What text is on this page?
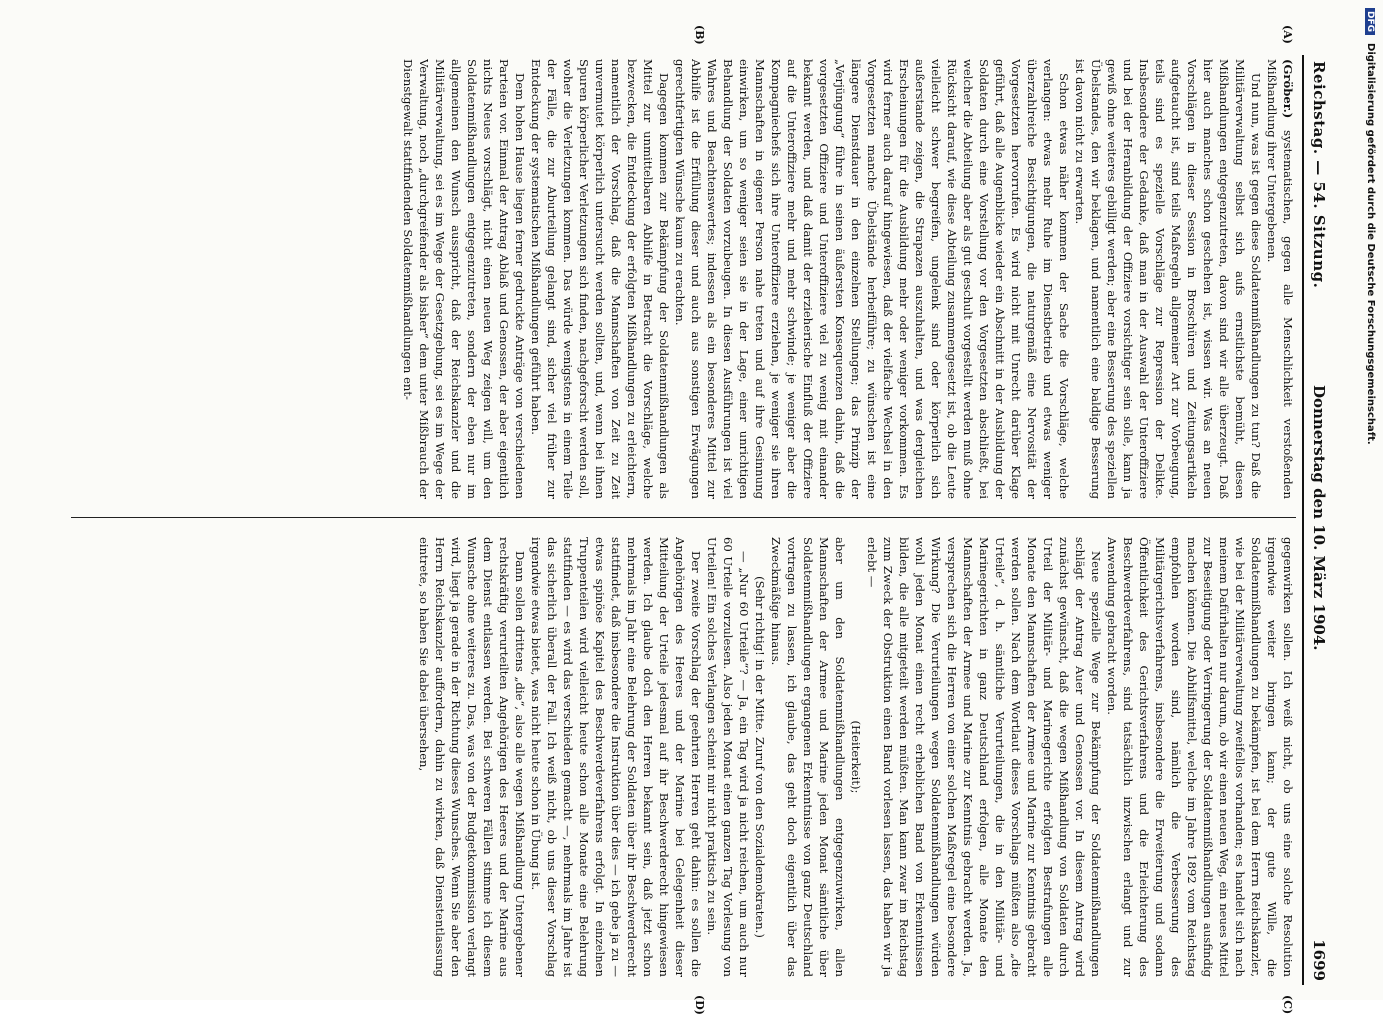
Reichstag. — 54. Sitzung.
Donnerstag den 10. März 1904.
1699
(A)
(B)
(C)
(D)

(Gröber.) systematischen, gegen alle Menschlichkeit verstoßenden Mißhandlung ihrer Untergebenen.

Und nun, was ist gegen diese Soldatenmißhandlungen zu tun? Daß die Militärverwaltung selbst sich aufs ernstlichste bemüht, diesen Mißhandlungen entgegenzutreten, davon sind wir alle überzeugt. Daß hier auch manches schon geschehen ist, wissen wir. Was an neuen Vorschlägen in dieser Session in Broschüren und Zeitungsartikeln aufgetaucht ist, sind teils Maßregeln allgemeiner Art zur Vorbeugung, teils sind es spezielle Vorschläge zur Repression der Delikte. Insbesondere der Gedanke, daß man in der Auswahl der Unteroffiziere und bei der Heranbildung der Offiziere vorsichtiger sein solle, kann ja gewiß ohne weiteres gebilligt werden; aber eine Besserung des speziellen Übelstandes, den wir beklagen, und namentlich eine baldige Besserung ist davon nicht zu erwarten.

Schon etwas näher kommen der Sache die Vorschläge, welche verlangen: etwas mehr Ruhe im Dienstbetrieb und etwas weniger überzahlreiche Besichtigungen, die naturgemäß eine Nervosität der Vorgesetzten hervorrufen. Es wird nicht mit Unrecht darüber Klage geführt, daß alle Augenblicke wieder ein Abschnitt in der Ausbildung der Soldaten durch eine Vorstellung vor den Vorgesetzten abschließt, bei welcher die Abteilung aber als gut geschult vorgestellt werden muß ohne Rücksicht darauf, wie diese Abteilung zusammengesetzt ist, ob die Leute vielleicht schwer begreifen, ungelenk sind oder körperlich sich außerstande zeigen, die Strapazen auszuhalten, und was dergleichen Erscheinungen für die Ausbildung mehr oder weniger vorkommen. Es wird ferner auch darauf hingewiesen, daß der vielfache Wechsel in den Vorgesetzten manche Übelstände herbeiführe; zu wünschen ist eine längere Dienstdauer in den einzelnen Stellungen; das Prinzip der „Verjüngung“ führe in seinen äußersten Konsequenzen dahin, daß die vorgesetzten Offiziere und Unteroffiziere viel zu wenig mit einander bekannt werden, und daß damit der erzieherische Einfluß der Offiziere auf die Unteroffiziere mehr und mehr schwinde; je weniger aber die Kompagniechefs sich ihre Unteroffiziere erziehen, je weniger sie ihren Mannschaften in eigener Person nahe treten und auf ihre Gesinnung einwirken, um so weniger seien sie in der Lage, einer unrichtigen Behandlung der Soldaten vorzubeugen. In diesen Ausführungen ist viel Wahres und Beachtenswertes; indessen als ein besonderes Mittel zur Abhilfe ist die Erfüllung dieser und auch aus sonstigen Erwägungen gerechtfertigten Wünsche kaum zu erachten.

Dagegen kommen zur Bekämpfung der Soldatenmißhandlungen als Mittel zur unmittelbaren Abhilfe in Betracht die Vorschläge, welche bezwecken, die Entdeckung der erfolgten Mißhandlungen zu erleichtern, namentlich der Vorschlag, daß die Mannschaften von Zeit zu Zeit unvermutet körperlich untersucht werden sollten, und, wenn bei ihnen Spuren körperlicher Verletzungen sich finden, nachgeforscht werden soll, woher die Verletzungen kommen. Das würde wenigstens in einem Teile der Fälle, die zur Aburteilung gelangt sind, sicher viel früher zur Entdeckung der systematischen Mißhandlungen geführt haben.

Dem hohen Hause liegen ferner gedruckte Anträge von verschiedenen Parteien vor. Einmal der Antrag Ablaß und Genossen, der aber eigentlich nichts Neues vorschlägt, nicht einen neuen Weg zeigen will, um den Soldatenmißhandlungen entgegenzutreten, sondern der eben nur im allgemeinen den Wunsch ausspricht, daß der Reichskanzler und die Militärverwaltung, sei es im Wege der Gesetzgebung, sei es im Wege der Verwaltung, noch „durchgreifender als bisher“ dem unter Mißbrauch der Dienstgewalt stattfindenden Soldatenmißhandlungen ent-

gegenwirken sollen. Ich weiß nicht, ob uns eine solche Resolution irgendwie weiter bringen kann; der gute Wille, die Soldatenmißhandlungen zu bekämpfen, ist bei dem Herrn Reichskanzler, wie bei der Militärverwaltung zweifellos vorhanden; es handelt sich nach meinem Dafürhalten nur darum, ob wir einen neuen Weg, ein neues Mittel zur Beseitigung oder Verringerung der Soldatenmißhandlungen ausfindig machen können. Die Abhilfsmittel, welche im Jahre 1892 vom Reichstag empfohlen worden sind, nämlich die Verbesserung des Militärgerichtsverfahrens, insbesondere die Erweiterung und sodann Öffentlichkeit des Gerichtsverfahrens und die Erleichterung des Beschwerdeverfahrens, sind tatsächlich inzwischen erlangt und zur Anwendung gebracht worden.

Neue spezielle Wege zur Bekämpfung der Soldatenmißhandlungen schlägt der Antrag Auer und Genossen vor. In diesem Antrag wird zunächst gewünscht, daß die wegen Mißhandlung von Soldaten durch Urteil der Militär- und Marinegerichte erfolgten Bestrafungen alle Monate den Mannschaften der Armee und Marine zur Kenntnis gebracht werden sollen. Nach dem Wortlaut dieses Vorschlags müßten also „die Urteile“, d. h. sämtliche Verurteilungen, die in den Militär- und Marinegerichten in ganz Deutschland erfolgen, alle Monate den Mannschaften der Armee und Marine zur Kenntnis gebracht werden. Ja, versprechen sich die Herren von einer solchen Maßregel eine besondere Wirkung? Die Verurteilungen wegen Soldatenmißhandlungen würden wohl jeden Monat einen recht erheblichen Band von Erkenntnissen bilden, die alle mitgeteilt werden müßten. Man kann zwar im Reichstag zum Zweck der Obstruktion einen Band vorlesen lassen, das haben wir ja erlebt —

(Heiterkeit);

aber um den Soldatenmißhandlungen entgegenzuwirken, allen Mannschaften der Armee und Marine jeden Monat sämtliche über Soldatenmißhandlungen ergangenen Erkenntnisse von ganz Deutschland vortragen zu lassen, ich glaube, das geht doch eigentlich über das Zweckmäßige hinaus.

(Sehr richtig! in der Mitte. Zuruf von den Sozialdemokraten.)

— „Nur 60 Urteile“? — Ja, ein Tag wird ja nicht reichen, um auch nur 60 Urteile vorzulesen. Also jeden Monat einen ganzen Tag Vorlesung von Urteilen! Ein solches Verlangen scheint mir nicht praktisch zu sein.

Der zweite Vorschlag der geehrten Herren geht dahin: es sollen die Angehörigen des Heeres und der Marine bei Gelegenheit dieser Mitteilung der Urteile jedesmal auf ihr Beschwerderecht hingewiesen werden. Ich glaube doch den Herren bekannt sein, daß jetzt schon mehrmals im Jahr eine Belehrung der Soldaten über ihr Beschwerderecht stattfindet, daß insbesondere die Instruktion über dies — ich gebe ja zu — etwas spinöse Kapitel des Beschwerdeverfahrens erfolgt. In einzelnen Truppenteilen wird vielleicht heute schon alle Monate eine Belehrung stattfinden — es wird das verschieden gemacht —, mehrmals im Jahre ist das sicherlich überall der Fall. Ich weiß nicht, ob uns dieser Vorschlag irgendwie etwas bietet, was nicht heute schon in Übung ist.

Dann sollen drittens „die“, also alle wegen Mißhandlung Untergebener rechtskräftig verurteilten Angehörigen des Heeres und der Marine aus dem Dienst entlassen werden. Bei schweren Fällen stimme ich diesem Wunsche ohne weiteres zu. Das, was von der Budgetkommission verlangt wird, liegt ja gerade in der Richtung dieses Wunsches. Wenn Sie aber den Herrn Reichskanzler auffordern, dahin zu wirken, daß Dienstentlassung eintrete, so haben Sie dabei übersehen,

DFGDigitalisierung gefördert durch die Deutsche Forschungsgemeinschaft.
